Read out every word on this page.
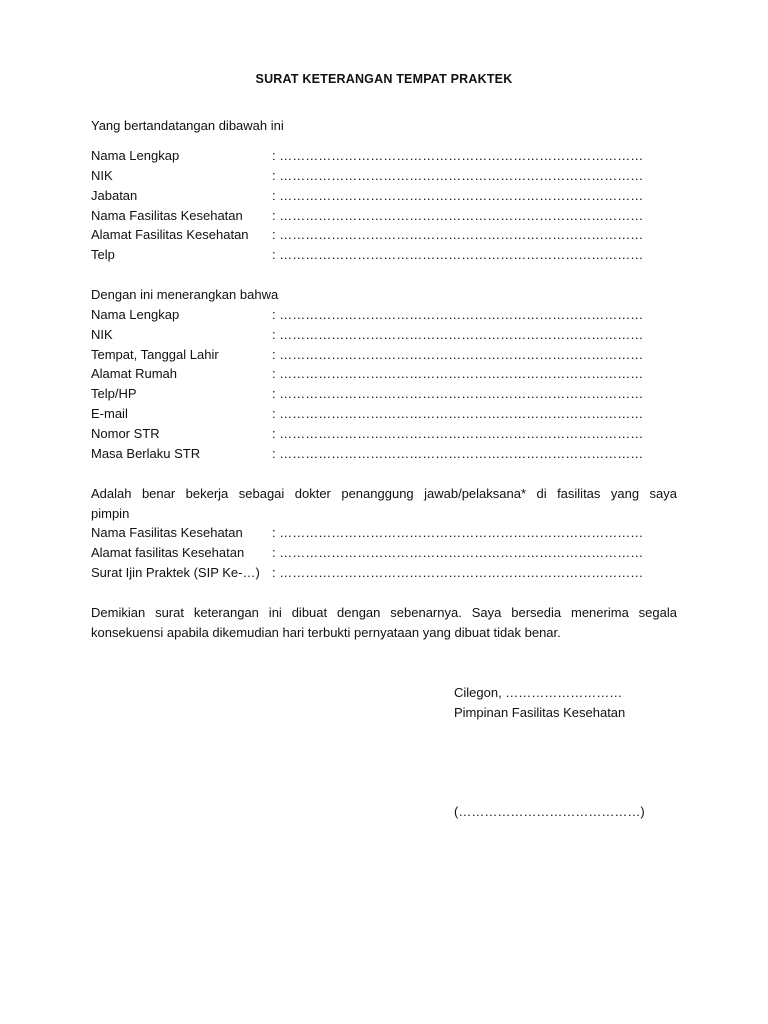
SURAT KETERANGAN TEMPAT PRAKTEK
Yang bertandatangan dibawah ini
Nama Lengkap	: …………………………………………………………………………
NIK	: …………………………………………………………………………
Jabatan	: …………………………………………………………………………
Nama Fasilitas Kesehatan : …………………………………………………………………………
Alamat Fasilitas Kesehatan : …………………………………………………………………………
Telp	: …………………………………………………………………………
Dengan ini menerangkan bahwa
Nama Lengkap	: …………………………………………………………………………
NIK	: …………………………………………………………………………
Tempat, Tanggal Lahir	: …………………………………………………………………………
Alamat Rumah	: …………………………………………………………………………
Telp/HP	: …………………………………………………………………………
E-mail	: …………………………………………………………………………
Nomor STR	: …………………………………………………………………………
Masa Berlaku STR	: …………………………………………………………………………
Adalah benar bekerja sebagai dokter penanggung jawab/pelaksana* di fasilitas yang saya
pimpin
Nama Fasilitas Kesehatan : …………………………………………………………………………
Alamat fasilitas Kesehatan : …………………………………………………………………………
Surat Ijin Praktek (SIP Ke-…) : …………………………………………………………………………
Demikian surat keterangan ini dibuat dengan sebenarnya. Saya bersedia menerima segala
konsekuensi apabila dikemudian hari terbukti pernyataan yang dibuat tidak benar.
Cilegon, ………………………
Pimpinan Fasilitas Kesehatan
(……………………………………)
